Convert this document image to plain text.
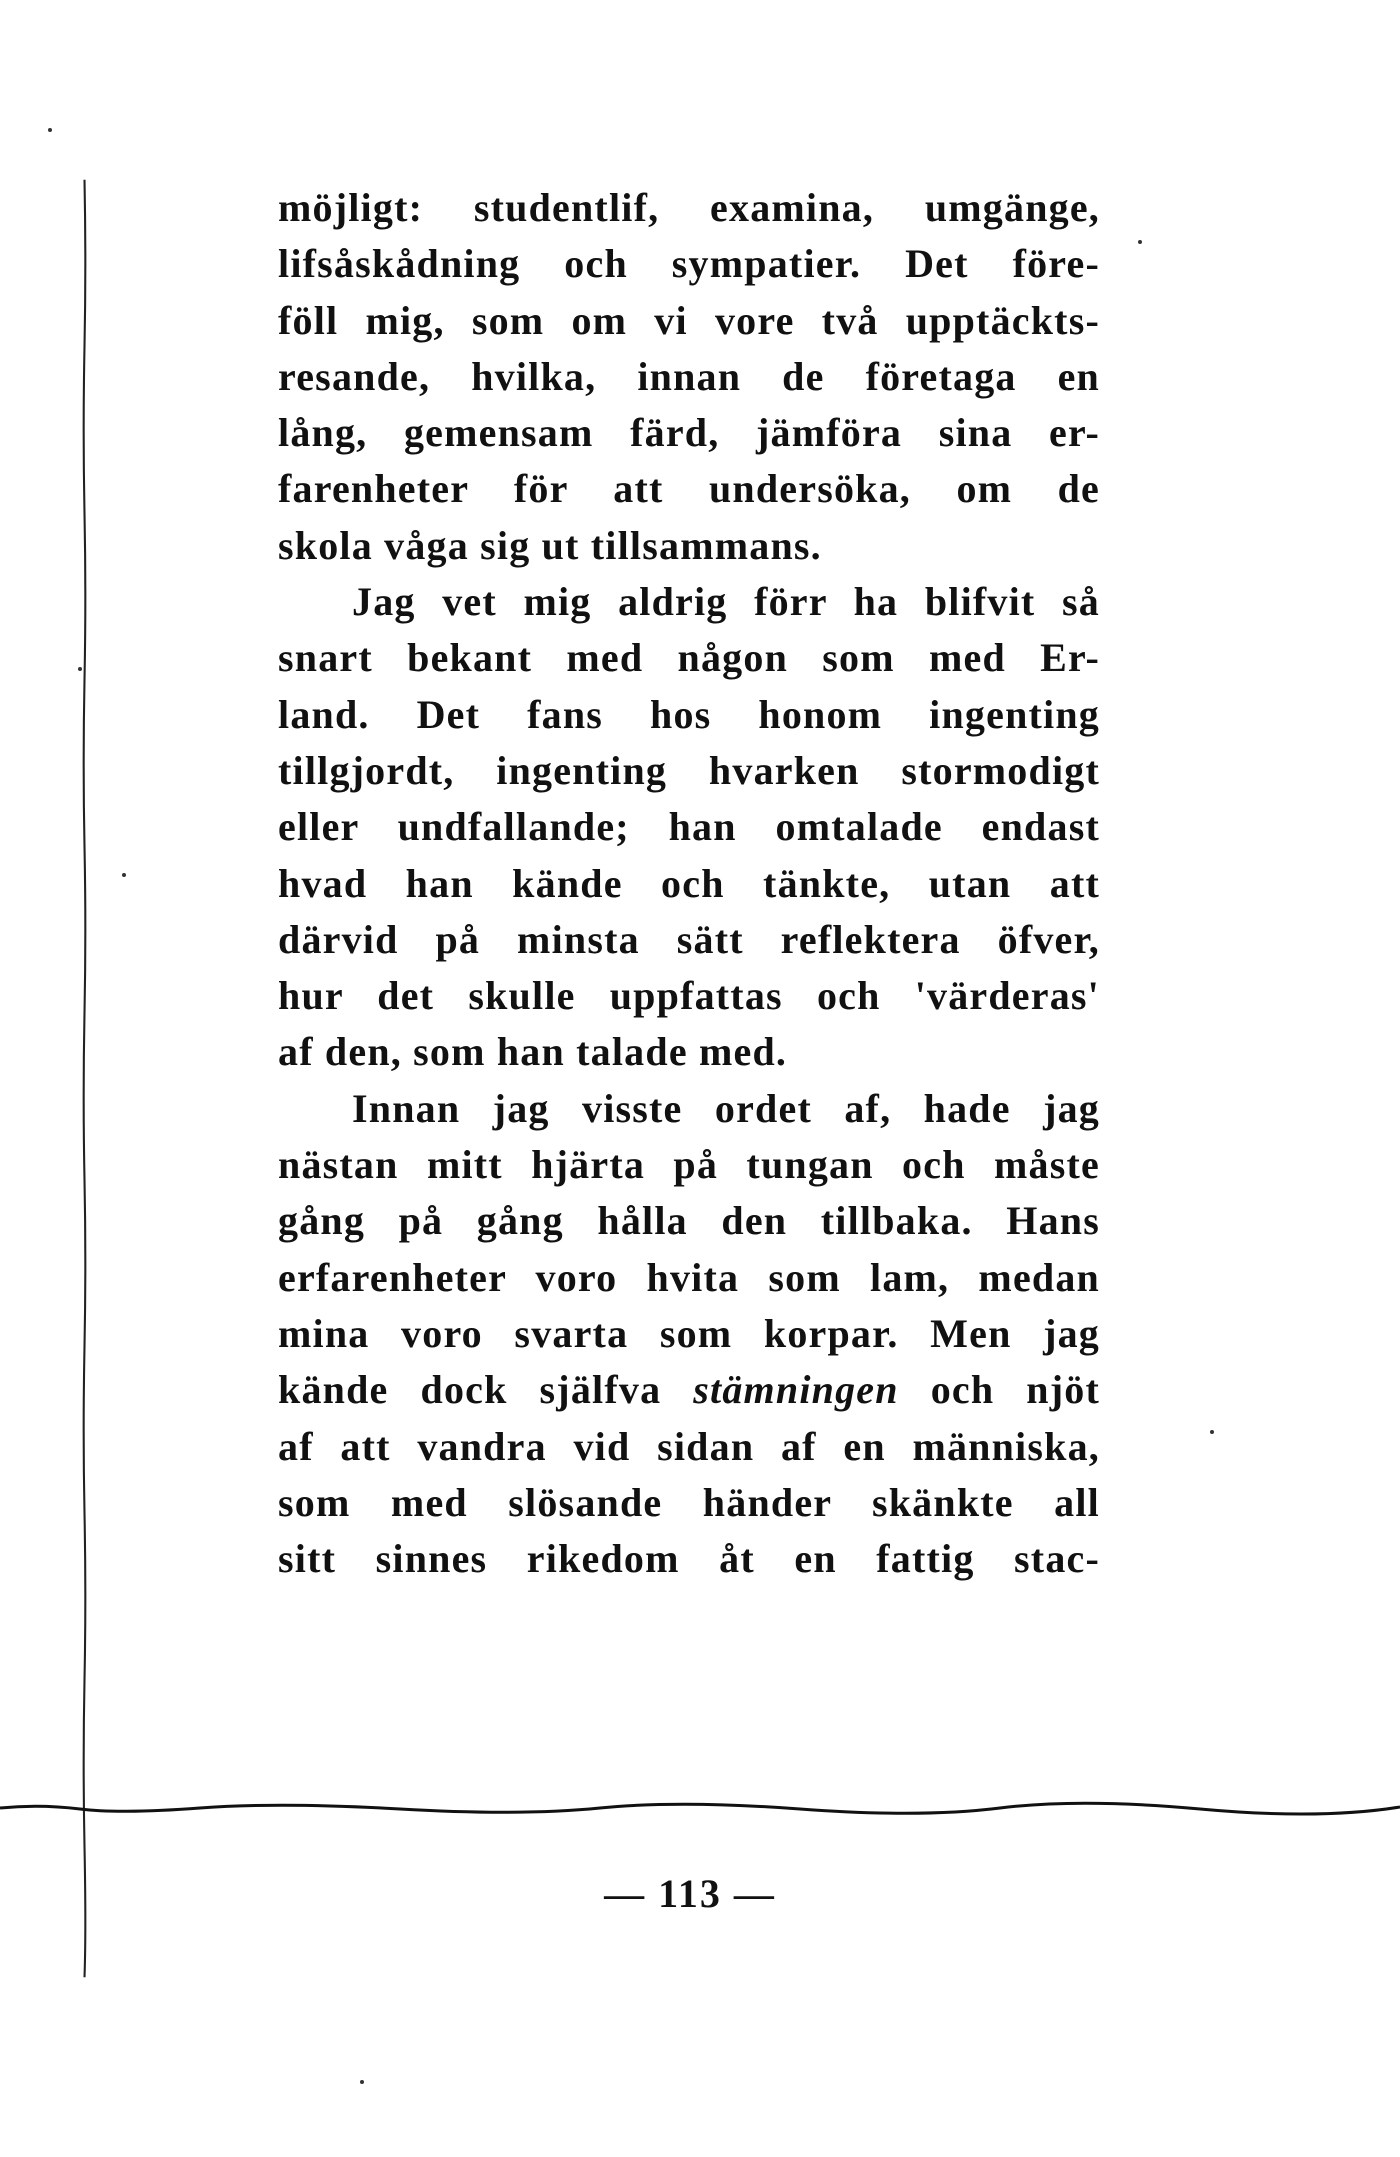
möjligt: studentlif, examina, umgänge,
lifsåskådning och sympatier. Det före-
föll mig, som om vi vore två upptäckts-
resande, hvilka, innan de företaga en
lång, gemensam färd, jämföra sina er-
farenheter för att undersöka, om de
skola våga sig ut tillsammans.
Jag vet mig aldrig förr ha blifvit så
snart bekant med någon som med Er-
land. Det fans hos honom ingenting
tillgjordt, ingenting hvarken stormodigt
eller undfallande; han omtalade endast
hvad han kände och tänkte, utan att
därvid på minsta sätt reflektera öfver,
hur det skulle uppfattas och 'värderas'
af den, som han talade med.
Innan jag visste ordet af, hade jag
nästan mitt hjärta på tungan och måste
gång på gång hålla den tillbaka. Hans
erfarenheter voro hvita som lam, medan
mina voro svarta som korpar. Men jag
kände dock själfva stämningen och njöt
af att vandra vid sidan af en människa,
som med slösande händer skänkte all
sitt sinnes rikedom åt en fattig stac-
— 113 —
